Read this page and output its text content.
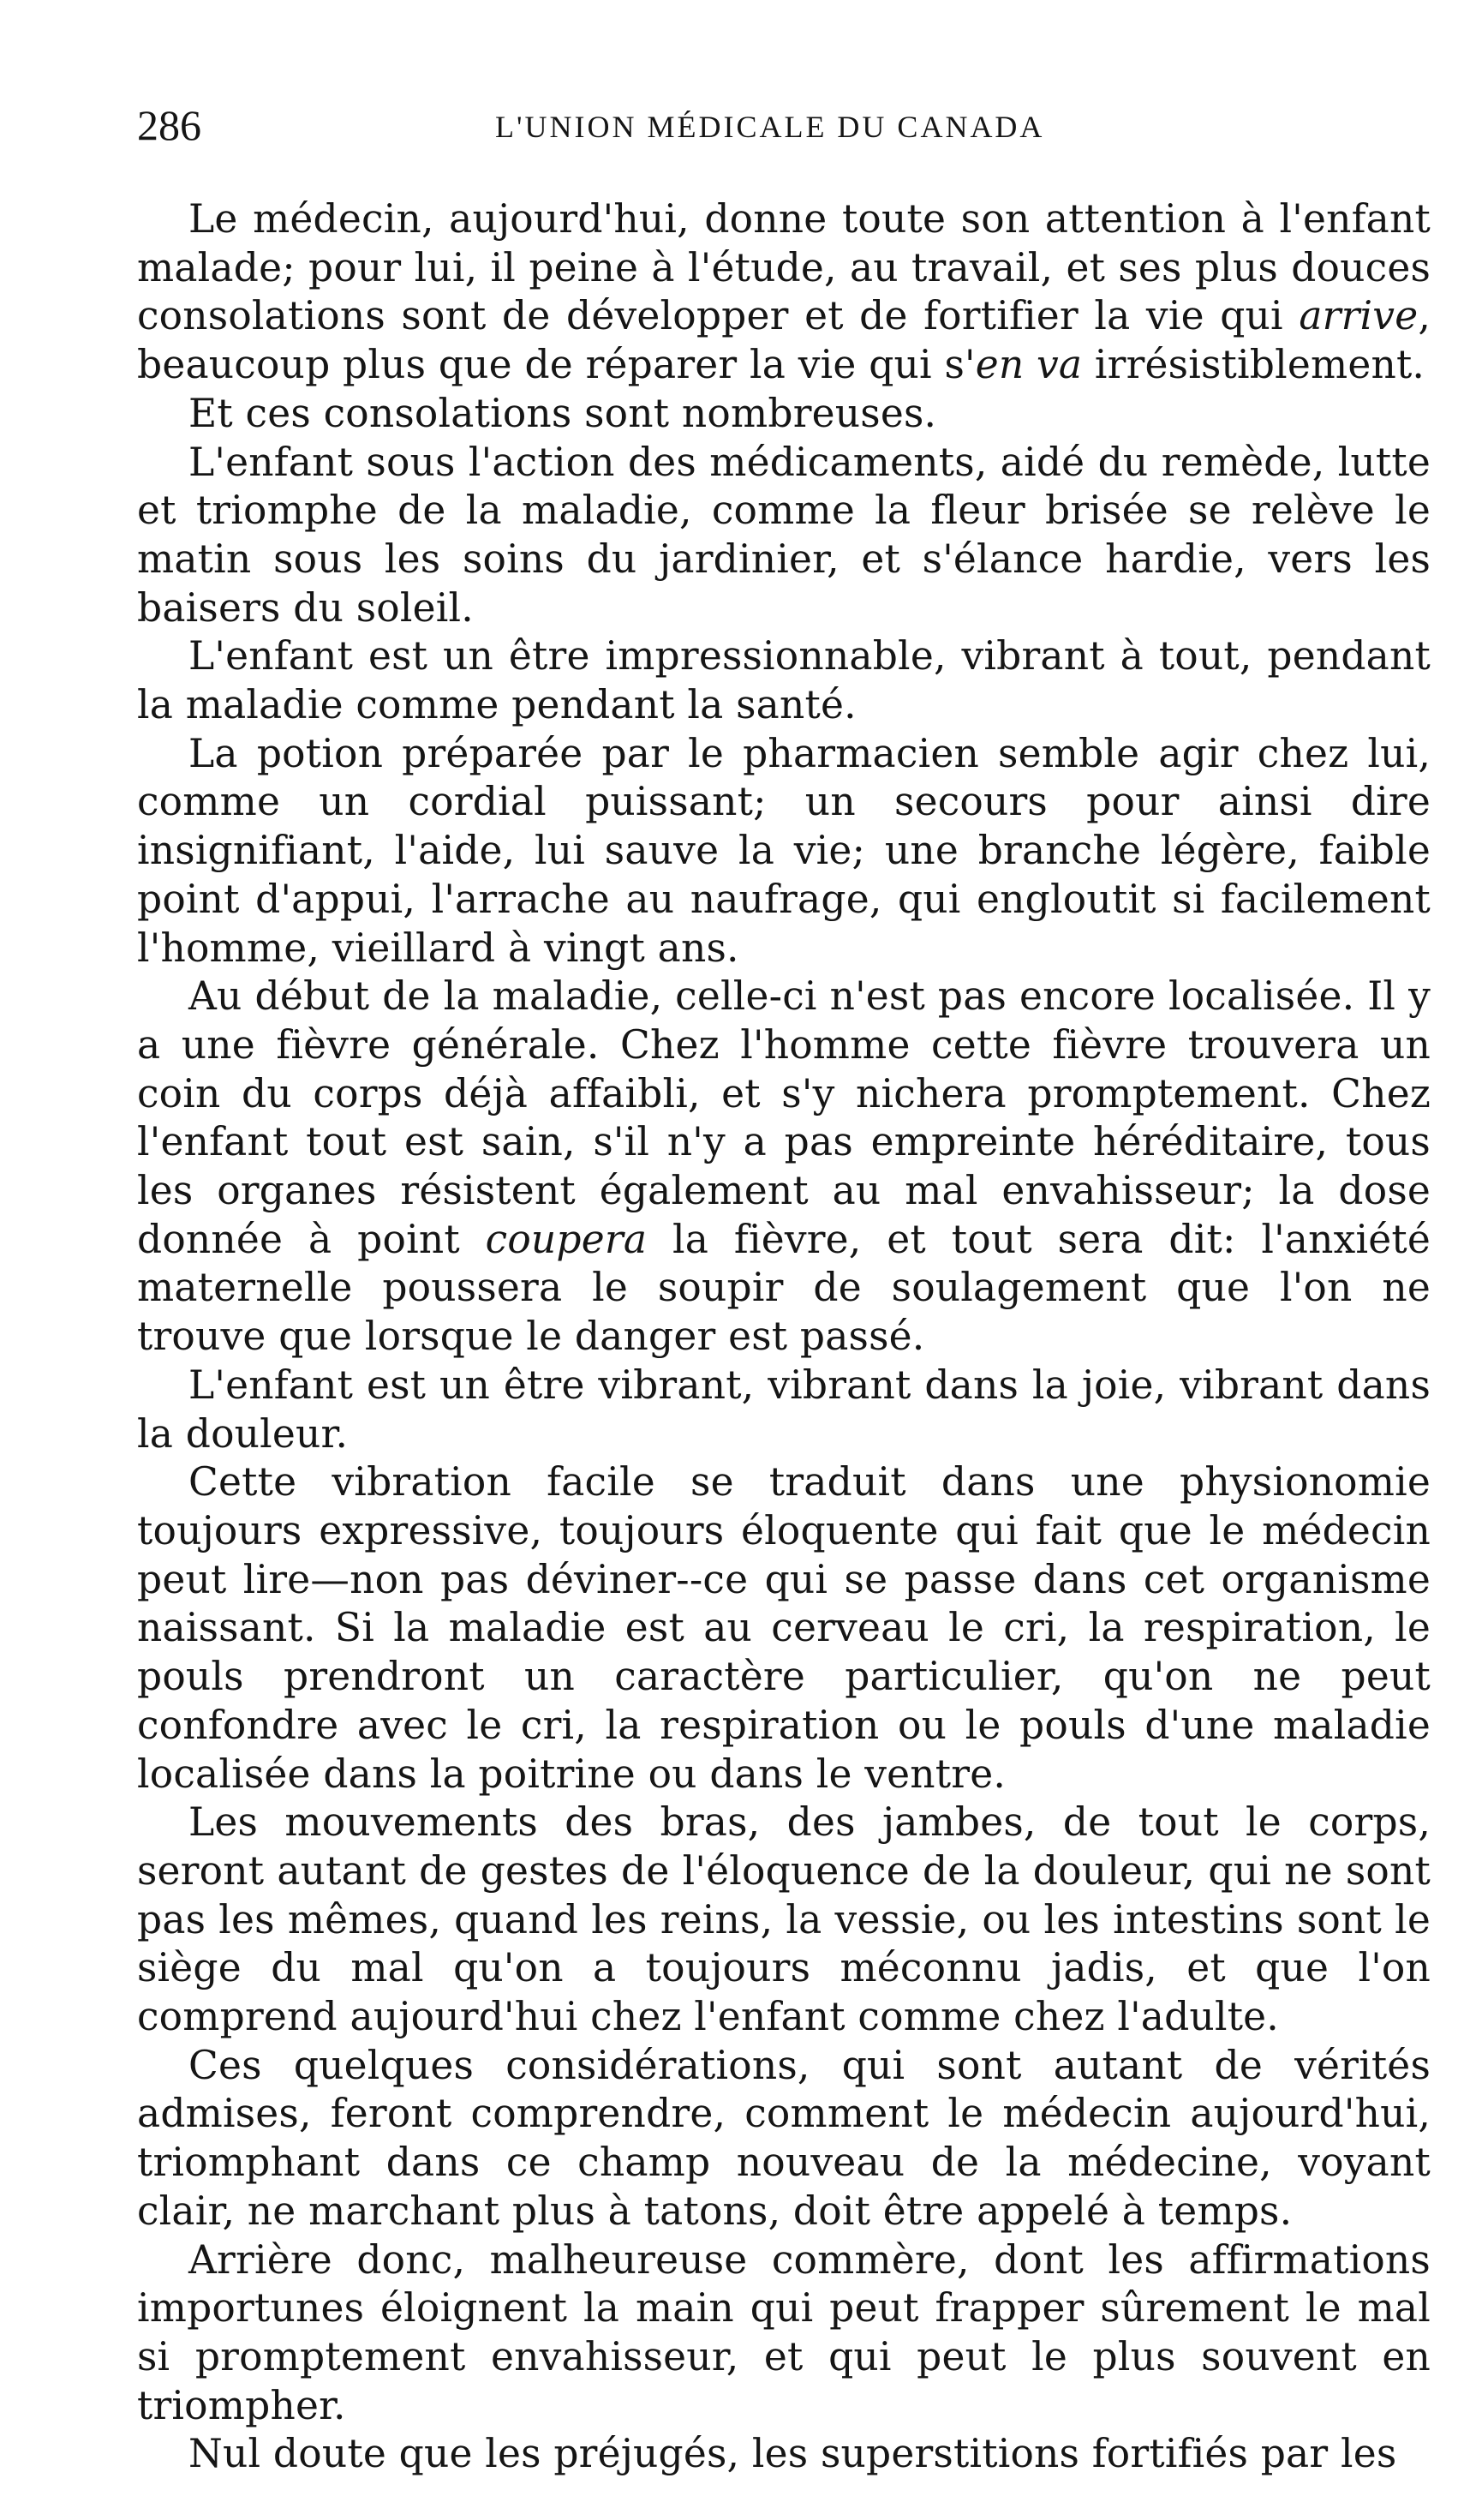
286	L'UNION MÉDICALE DU CANADA

Le médecin, aujourd'hui, donne toute son attention à l'enfant malade; pour lui, il peine à l'étude, au travail, et ses plus douces consolations sont de développer et de fortifier la vie qui arrive, beaucoup plus que de réparer la vie qui s'en va irrésistiblement.

Et ces consolations sont nombreuses.

L'enfant sous l'action des médicaments, aidé du remède, lutte et triomphe de la maladie, comme la fleur brisée se relève le matin sous les soins du jardinier, et s'élance hardie, vers les baisers du soleil.

L'enfant est un être impressionnable, vibrant à tout, pendant la maladie comme pendant la santé.

La potion préparée par le pharmacien semble agir chez lui, comme un cordial puissant; un secours pour ainsi dire insignifiant, l'aide, lui sauve la vie; une branche légère, faible point d'appui, l'arrache au naufrage, qui engloutit si facilement l'homme, vieillard à vingt ans.

Au début de la maladie, celle-ci n'est pas encore localisée. Il y a une fièvre générale. Chez l'homme cette fièvre trouvera un coin du corps déjà affaibli, et s'y nichera promptement. Chez l'enfant tout est sain, s'il n'y a pas empreinte héréditaire, tous les organes résistent également au mal envahisseur; la dose donnée à point coupera la fièvre, et tout sera dit: l'anxiété maternelle poussera le soupir de soulagement que l'on ne trouve que lorsque le danger est passé.

L'enfant est un être vibrant, vibrant dans la joie, vibrant dans la douleur.

Cette vibration facile se traduit dans une physionomie toujours expressive, toujours éloquente qui fait que le médecin peut lire—non pas déviner--ce qui se passe dans cet organisme naissant. Si la maladie est au cerveau le cri, la respiration, le pouls prendront un caractère particulier, qu'on ne peut confondre avec le cri, la respiration ou le pouls d'une maladie localisée dans la poitrine ou dans le ventre.

Les mouvements des bras, des jambes, de tout le corps, seront autant de gestes de l'éloquence de la douleur, qui ne sont pas les mêmes, quand les reins, la vessie, ou les intestins sont le siège du mal qu'on a toujours méconnu jadis, et que l'on comprend aujourd'hui chez l'enfant comme chez l'adulte.

Ces quelques considérations, qui sont autant de vérités admises, feront comprendre, comment le médecin aujourd'hui, triomphant dans ce champ nouveau de la médecine, voyant clair, ne marchant plus à tatons, doit être appelé à temps.

Arrière donc, malheureuse commère, dont les affirmations importunes éloignent la main qui peut frapper sûrement le mal si promptement envahisseur, et qui peut le plus souvent en triompher.

Nul doute que les préjugés, les superstitions fortifiés par les
